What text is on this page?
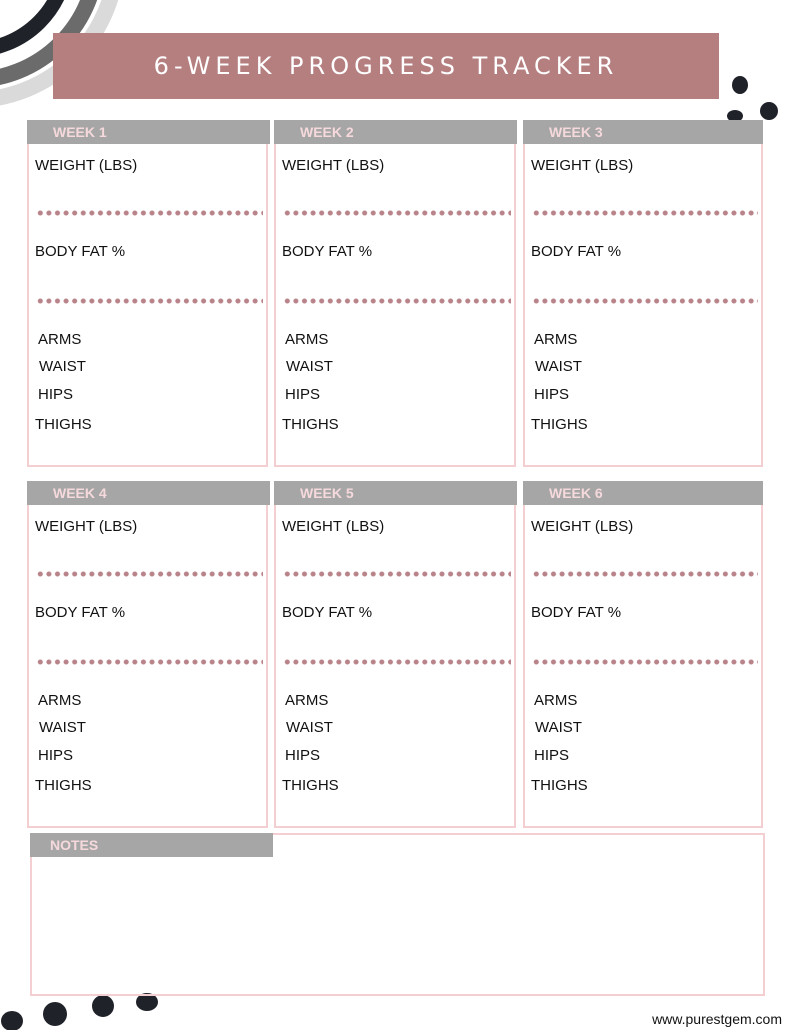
6-WEEK PROGRESS TRACKER
WEEK 1
WEIGHT (LBS)
BODY FAT %
ARMS
WAIST
HIPS
THIGHS
WEEK 2
WEIGHT (LBS)
BODY FAT %
ARMS
WAIST
HIPS
THIGHS
WEEK 3
WEIGHT (LBS)
BODY FAT %
ARMS
WAIST
HIPS
THIGHS
WEEK 4
WEIGHT (LBS)
BODY FAT %
ARMS
WAIST
HIPS
THIGHS
WEEK 5
WEIGHT (LBS)
BODY FAT %
ARMS
WAIST
HIPS
THIGHS
WEEK 6
WEIGHT (LBS)
BODY FAT %
ARMS
WAIST
HIPS
THIGHS
NOTES
www.purestgem.com
